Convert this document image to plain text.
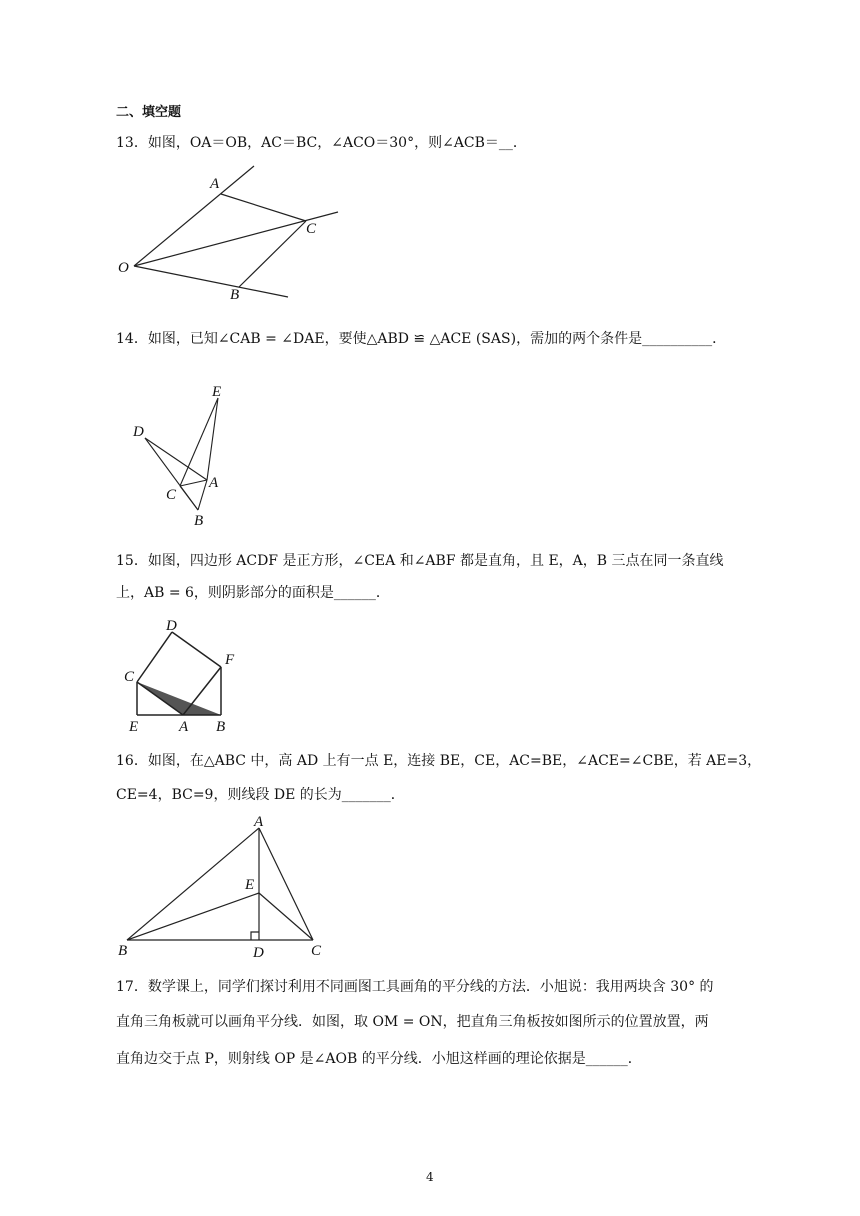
二、填空题
13．如图，OA＝OB，AC＝BC，∠ACO＝30°，则∠ACB＝__．
A
C
O
B
14．如图，已知∠CAB = ∠DAE，要使△ABD ≌ △ACE (SAS)，需加的两个条件是__________．
E
D
A
C
B
15．如图，四边形 ACDF 是正方形，∠CEA 和∠ABF 都是直角，且 E，A，B 三点在同一条直线
上，AB = 6，则阴影部分的面积是______．
D
F
C
E	A B
16．如图，在△ABC 中，高 AD 上有一点 E，连接 BE，CE，AC=BE，∠ACE=∠CBE，若 AE=3，
CE=4，BC=9，则线段 DE 的长为_______．
A
E
B	D	C
17．数学课上，同学们探讨利用不同画图工具画角的平分线的方法．小旭说：我用两块含 30° 的
直角三角板就可以画角平分线．如图，取 OM = ON，把直角三角板按如图所示的位置放置，两
直角边交于点 P，则射线 OP 是∠AOB 的平分线．小旭这样画的理论依据是______．
4
